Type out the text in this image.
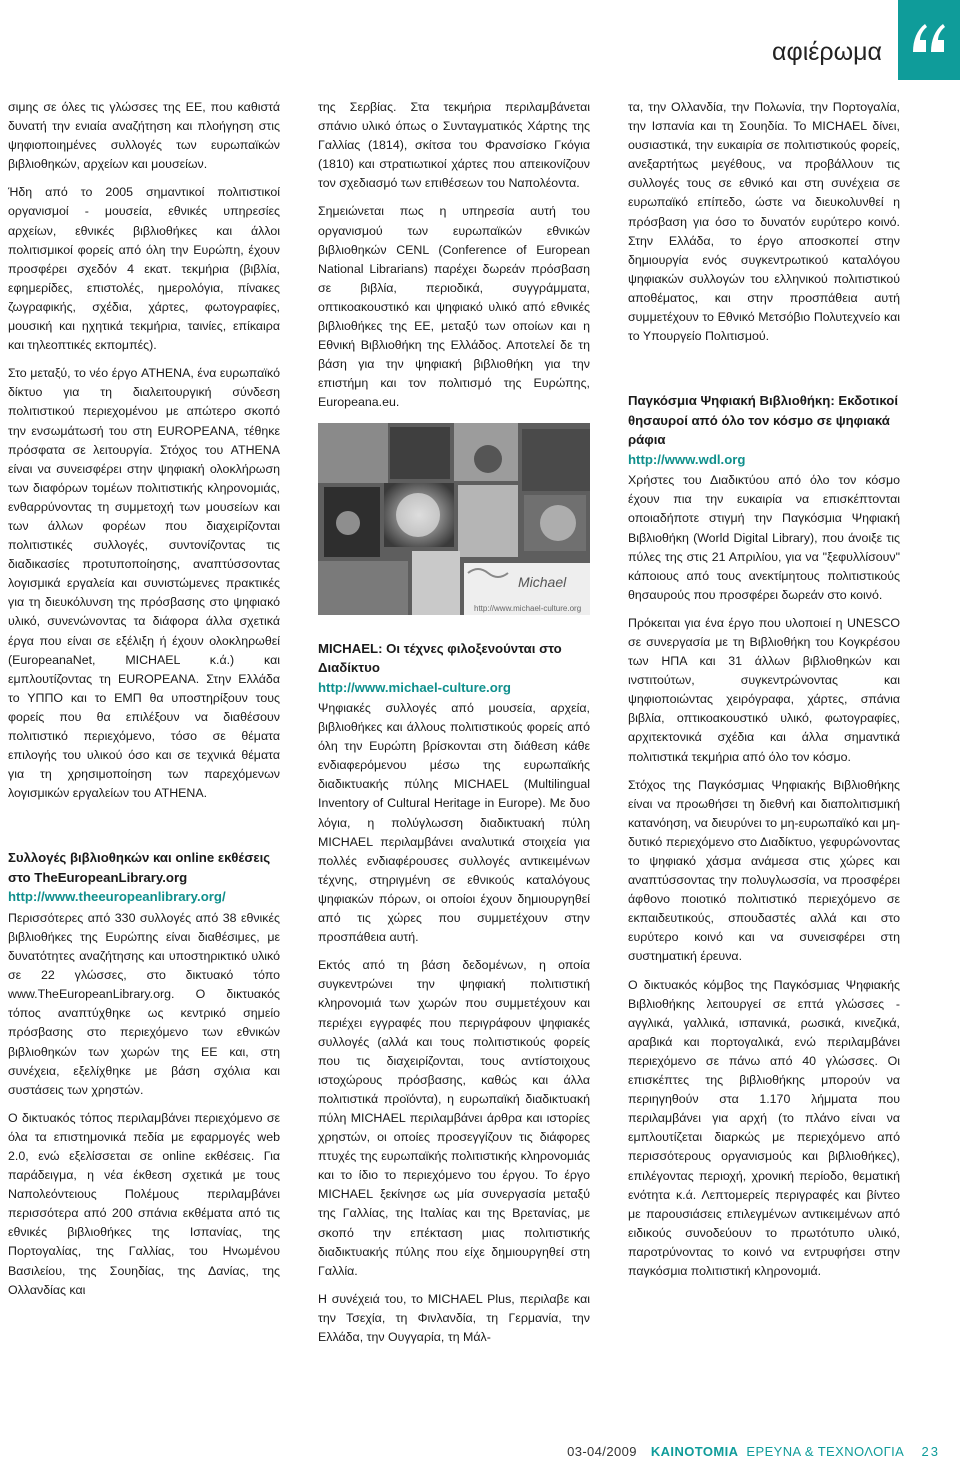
αφιέρωμα

σιμης σε όλες τις γλώσσες της ΕΕ, που καθιστά δυνατή την ενιαία αναζήτηση και πλοήγηση στις ψηφιοποιημένες συλλογές των ευρωπαϊκών βιβλιοθηκών, αρχείων και μουσείων.

Ήδη από το 2005 σημαντικοί πολιτιστικοί οργανισμοί - μουσεία, εθνικές υπηρεσίες αρχείων, εθνικές βιβλιοθήκες και άλλοι πολιτισμικοί φορείς από όλη την Ευρώπη, έχουν προσφέρει σχεδόν 4 εκατ. τεκμήρια (βιβλία, εφημερίδες, επιστολές, ημερολόγια, πίνακες ζωγραφικής, σχέδια, χάρτες, φωτογραφίες, μουσική και ηχητικά τεκμήρια, ταινίες, επίκαιρα και τηλεοπτικές εκπομπές).

Στο μεταξύ, το νέο έργο ATHENA, ένα ευρωπαϊκό δίκτυο για τη διαλειτουργική σύνδεση πολιτιστικού περιεχομένου με απώτερο σκοπό την ενσωμάτωσή του στη EUROPEANA, τέθηκε πρόσφατα σε λειτουργία. Στόχος του ATHENA είναι να συνεισφέρει στην ψηφιακή ολοκλήρωση των διαφόρων τομέων πολιτιστικής κληρονομιάς, ενθαρρύνοντας τη συμμετοχή των μουσείων και των άλλων φορέων που διαχειρίζονται πολιτιστικές συλλογές, συντονίζοντας τις διαδικασίες προτυποποίησης, αναπτύσσοντας λογισμικά εργαλεία και συνιστώμενες πρακτικές για τη διευκόλυνση της πρόσβασης στο ψηφιακό υλικό, συνενώνοντας τα διάφορα άλλα σχετικά έργα που είναι σε εξέλιξη ή έχουν ολοκληρωθεί (EuropeanaNet, MICHAEL κ.ά.) και εμπλουτίζοντας τη EUROPEANA. Στην Ελλάδα το ΥΠΠΟ και το ΕΜΠ θα υποστηρίξουν τους φορείς που θα επιλέξουν να διαθέσουν πολιτιστικό περιεχόμενο, τόσο σε θέματα επιλογής του υλικού όσο και σε τεχνικά θέματα για τη χρησιμοποίηση των παρεχόμενων λογισμικών εργαλείων του ATHENA.

Συλλογές βιβλιοθηκών και online εκθέσεις στο TheEuropeanLibrary.org
http://www.theeuropeanlibrary.org/

Περισσότερες από 330 συλλογές από 38 εθνικές βιβλιοθήκες της Ευρώπης είναι διαθέσιμες, με δυνατότητες αναζήτησης και υποστηρικτικό υλικό σε 22 γλώσσες, στο δικτυακό τόπο www.TheEuropeanLibrary.org. Ο δικτυακός τόπος αναπτύχθηκε ως κεντρικό σημείο πρόσβασης στο περιεχόμενο των εθνικών βιβλιοθηκών των χωρών της ΕΕ και, στη συνέχεια, εξελίχθηκε με βάση σχόλια και συστάσεις των χρηστών.

Ο δικτυακός τόπος περιλαμβάνει περιεχόμενο σε όλα τα επιστημονικά πεδία με εφαρμογές web 2.0, ενώ εξελίσσεται σε online εκθέσεις. Για παράδειγμα, η νέα έκθεση σχετικά με τους Ναπολεόντειους Πολέμους περιλαμβάνει περισσότερα από 200 σπάνια εκθέματα από τις εθνικές βιβλιοθήκες της Ισπανίας, της Πορτογαλίας, της Γαλλίας, του Ηνωμένου Βασιλείου, της Σουηδίας, της Δανίας, της Ολλανδίας και

της Σερβίας. Στα τεκμήρια περιλαμβάνεται σπάνιο υλικό όπως ο Συνταγματικός Χάρτης της Γαλλίας (1814), σκίτσα του Φρανσίσκο Γκόγια (1810) και στρατιωτικοί χάρτες που απεικονίζουν τον σχεδιασμό των επιθέσεων του Ναπολέοντα.

Σημειώνεται πως η υπηρεσία αυτή του οργανισμού των ευρωπαϊκών εθνικών βιβλιοθηκών CENL (Conference of European National Librarians) παρέχει δωρεάν πρόσβαση σε βιβλία, περιοδικά, συγγράμματα, οπτικοακουστικό και ψηφιακό υλικό από εθνικές βιβλιοθήκες της ΕΕ, μεταξύ των οποίων και η Εθνική Βιβλιοθήκη της Ελλάδος. Αποτελεί δε τη βάση για την ψηφιακή βιβλιοθήκη για την επιστήμη και τον πολιτισμό της Ευρώπης, Europeana.eu.

Michael
http://www.michael-culture.org
MICHAEL: Οι τέχνες φιλοξενούνται στο Διαδίκτυο
http://www.michael-culture.org

Ψηφιακές συλλογές από μουσεία, αρχεία, βιβλιοθήκες και άλλους πολιτιστικούς φορείς από όλη την Ευρώπη βρίσκονται στη διάθεση κάθε ενδιαφερόμενου μέσω της ευρωπαϊκής διαδικτυακής πύλης MICHAEL (Multilingual Inventory of Cultural Heritage in Europe). Με δυο λόγια, η πολύγλωσση διαδικτυακή πύλη MICHAEL περιλαμβάνει αναλυτικά στοιχεία για πολλές ενδιαφέρουσες συλλογές αντικειμένων τέχνης, στηριγμένη σε εθνικούς καταλόγους ψηφιακών πόρων, οι οποίοι έχουν δημιουργηθεί από τις χώρες που συμμετέχουν στην προσπάθεια αυτή.

Εκτός από τη βάση δεδομένων, η οποία συγκεντρώνει την ψηφιακή πολιτιστική κληρονομιά των χωρών που συμμετέχουν και περιέχει εγγραφές που περιγράφουν ψηφιακές συλλογές (αλλά και τους πολιτιστικούς φορείς που τις διαχειρίζονται, τους αντίστοιχους ιστοχώρους πρόσβασης, καθώς και άλλα πολιτιστικά προϊόντα), η ευρωπαϊκή διαδικτυακή πύλη MICHAEL περιλαμβάνει άρθρα και ιστορίες χρηστών, οι οποίες προσεγγίζουν τις διάφορες πτυχές της ευρωπαϊκής πολιτιστικής κληρονομιάς και το ίδιο το περιεχόμενο του έργου. Το έργο MICHAEL ξεκίνησε ως μία συνεργασία μεταξύ της Γαλλίας, της Ιταλίας και της Βρετανίας, με σκοπό την επέκταση μιας πολιτιστικής διαδικτυακής πύλης που είχε δημιουργηθεί στη Γαλλία.

Η συνέχειά του, το MICHAEL Plus, περιλαβε και την Τσεχία, τη Φινλανδία, τη Γερμανία, την Ελλάδα, την Ουγγαρία, τη Μάλ-

τα, την Ολλανδία, την Πολωνία, την Πορτογαλία, την Ισπανία και τη Σουηδία. Το MICHAEL δίνει, ουσιαστικά, την ευκαιρία σε πολιτιστικούς φορείς, ανεξαρτήτως μεγέθους, να προβάλλουν τις συλλογές τους σε εθνικό και στη συνέχεια σε ευρωπαϊκό επίπεδο, ώστε να διευκολυνθεί η πρόσβαση για όσο το δυνατόν ευρύτερο κοινό. Στην Ελλάδα, το έργο αποσκοπεί στην δημιουργία ενός συγκεντρωτικού καταλόγου ψηφιακών συλλογών του ελληνικού πολιτιστικού αποθέματος, και στην προσπάθεια αυτή συμμετέχουν το Εθνικό Μετσόβιο Πολυτεχνείο και το Υπουργείο Πολιτισμού.

Παγκόσμια Ψηφιακή Βιβλιοθήκη: Εκδοτικοί θησαυροί από όλο τον κόσμο σε ψηφιακά ράφια
http://www.wdl.org

Χρήστες του Διαδικτύου από όλο τον κόσμο έχουν πια την ευκαιρία να επισκέπτονται οποιαδήποτε στιγμή την Παγκόσμια Ψηφιακή Βιβλιοθήκη (World Digital Library), που άνοιξε τις πύλες της στις 21 Απριλίου, για να "ξεφυλλίσουν" κάποιους από τους ανεκτίμητους πολιτιστικούς θησαυρούς που προσφέρει δωρεάν στο κοινό.

Πρόκειται για ένα έργο που υλοποιεί η UNESCO σε συνεργασία με τη Βιβλιοθήκη του Κογκρέσου των ΗΠΑ και 31 άλλων βιβλιοθηκών και ινστιτούτων, συγκεντρώνοντας και ψηφιοποιώντας χειρόγραφα, χάρτες, σπάνια βιβλία, οπτικοακουστικό υλικό, φωτογραφίες, αρχιτεκτονικά σχέδια και άλλα σημαντικά πολιτιστικά τεκμήρια από όλο τον κόσμο.

Στόχος της Παγκόσμιας Ψηφιακής Βιβλιοθήκης είναι να προωθήσει τη διεθνή και διαπολιτισμική κατανόηση, να διευρύνει το μη-ευρωπαϊκό και μη-δυτικό περιεχόμενο στο Διαδίκτυο, γεφυρώνοντας το ψηφιακό χάσμα ανάμεσα στις χώρες και αναπτύσσοντας την πολυγλωσσία, να προσφέρει άφθονο ποιοτικό πολιτιστικό περιεχόμενο σε εκπαιδευτικούς, σπουδαστές αλλά και στο ευρύτερο κοινό και να συνεισφέρει στη συστηματική έρευνα.

Ο δικτυακός κόμβος της Παγκόσμιας Ψηφιακής Βιβλιοθήκης λειτουργεί σε επτά γλώσσες - αγγλικά, γαλλικά, ισπανικά, ρωσικά, κινεζικά, αραβικά και πορτογαλικά, ενώ περιλαμβάνει περιεχόμενο σε πάνω από 40 γλώσσες. Οι επισκέπτες της βιβλιοθήκης μπορούν να περιηγηθούν στα 1.170 λήμματα που περιλαμβάνει για αρχή (το πλάνο είναι να εμπλουτίζεται διαρκώς με περιεχόμενο από περισσότερους οργανισμούς και βιβλιοθήκες), επιλέγοντας περιοχή, χρονική περίοδο, θεματική ενότητα κ.ά. Λεπτομερείς περιγραφές και βίντεο με παρουσιάσεις επιλεγμένων αντικειμένων από ειδικούς συνοδεύουν το πρωτότυπο υλικό, παροτρύνοντας το κοινό να εντρυφήσει στην παγκόσμια πολιτιστική κληρονομιά.

03-04/2009 ΚΑΙΝΟΤΟΜΙΑ ΕΡΕΥΝΑ & ΤΕΧΝΟΛΟΓΙΑ 23
